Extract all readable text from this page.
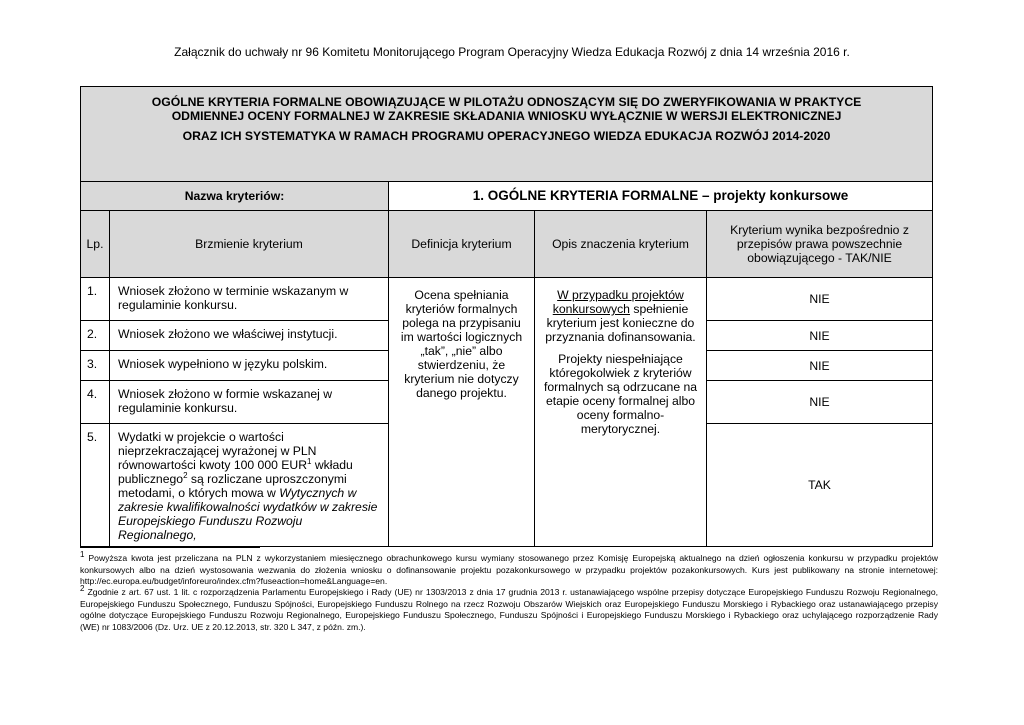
Załącznik do uchwały nr 96 Komitetu Monitorującego Program Operacyjny Wiedza Edukacja Rozwój z dnia 14 września 2016 r.
OGÓLNE KRYTERIA FORMALNE OBOWIĄZUJĄCE W PILOTAŻU ODNOSZĄCYM SIĘ DO ZWERYFIKOWANIA W PRAKTYCE
ODMIENNEJ OCENY FORMALNEJ W ZAKRESIE SKŁADANIA WNIOSKU WYŁĄCZNIE W WERSJI ELEKTRONICZNEJ
ORAZ ICH SYSTEMATYKA W RAMACH PROGRAMU OPERACYJNEGO WIEDZA EDUKACJA ROZWÓJ 2014-2020				

Nazwa kryteriów:		1. OGÓLNE KRYTERIA FORMALNE – projekty konkursowe		
Lp.	Brzmienie kryterium	Definicja kryterium	Opis znaczenia kryterium	Kryterium wynika bezpośrednio z przepisów prawa powszechnie obowiązującego - TAK/NIE
1.	Wniosek złożono w terminie wskazanym w regulaminie konkursu.	Ocena spełniania kryteriów formalnych polega na przypisaniu im wartości logicznych „tak”, „nie” albo stwierdzeniu, że kryterium nie dotyczy danego projektu.	W przypadku projektów konkursowych spełnienie kryterium jest konieczne do przyznania dofinansowania.
Projekty niespełniające któregokolwiek z kryteriów formalnych są odrzucane na etapie oceny formalnej albo oceny formalno-merytorycznej.	NIE
2.	Wniosek złożono we właściwej instytucji.			NIE
3.	Wniosek wypełniono w języku polskim.			NIE
4.	Wniosek złożono w formie wskazanej w regulaminie konkursu.			NIE
5.	Wydatki w projekcie o wartości nieprzekraczającej wyrażonej w PLN równowartości kwoty 100 000 EUR$^1$ wkładu publicznego$^2$ są rozliczane uproszczonymi metodami, o których mowa w Wytycznych w zakresie kwalifikowalności wydatków w zakresie Europejskiego Funduszu Rozwoju Regionalnego,			TAK
$^1$ Powyższa kwota jest przeliczana na PLN z wykorzystaniem miesięcznego obrachunkowego kursu wymiany stosowanego przez Komisję Europejską aktualnego na dzień ogłoszenia konkursu w przypadku projektów konkursowych albo na dzień wystosowania wezwania do złożenia wniosku o dofinansowanie projektu pozakonkursowego w przypadku projektów pozakonkursowych. Kurs jest publikowany na stronie internetowej: http://ec.europa.eu/budget/inforeuro/index.cfm?fuseaction=home&Language=en.
$^2$ Zgodnie z art. 67 ust. 1 lit. c rozporządzenia Parlamentu Europejskiego i Rady (UE) nr 1303/2013 z dnia 17 grudnia 2013 r. ustanawiającego wspólne przepisy dotyczące Europejskiego Funduszu Rozwoju Regionalnego, Europejskiego Funduszu Społecznego, Funduszu Spójności, Europejskiego Funduszu Rolnego na rzecz Rozwoju Obszarów Wiejskich oraz Europejskiego Funduszu Morskiego i Rybackiego oraz ustanawiającego przepisy ogólne dotyczące Europejskiego Funduszu Rozwoju Regionalnego, Europejskiego Funduszu Społecznego, Funduszu Spójności i Europejskiego Funduszu Morskiego i Rybackiego oraz uchylającego rozporządzenie Rady (WE) nr 1083/2006 (Dz. Urz. UE z 20.12.2013, str. 320 L 347, z późn. zm.).
